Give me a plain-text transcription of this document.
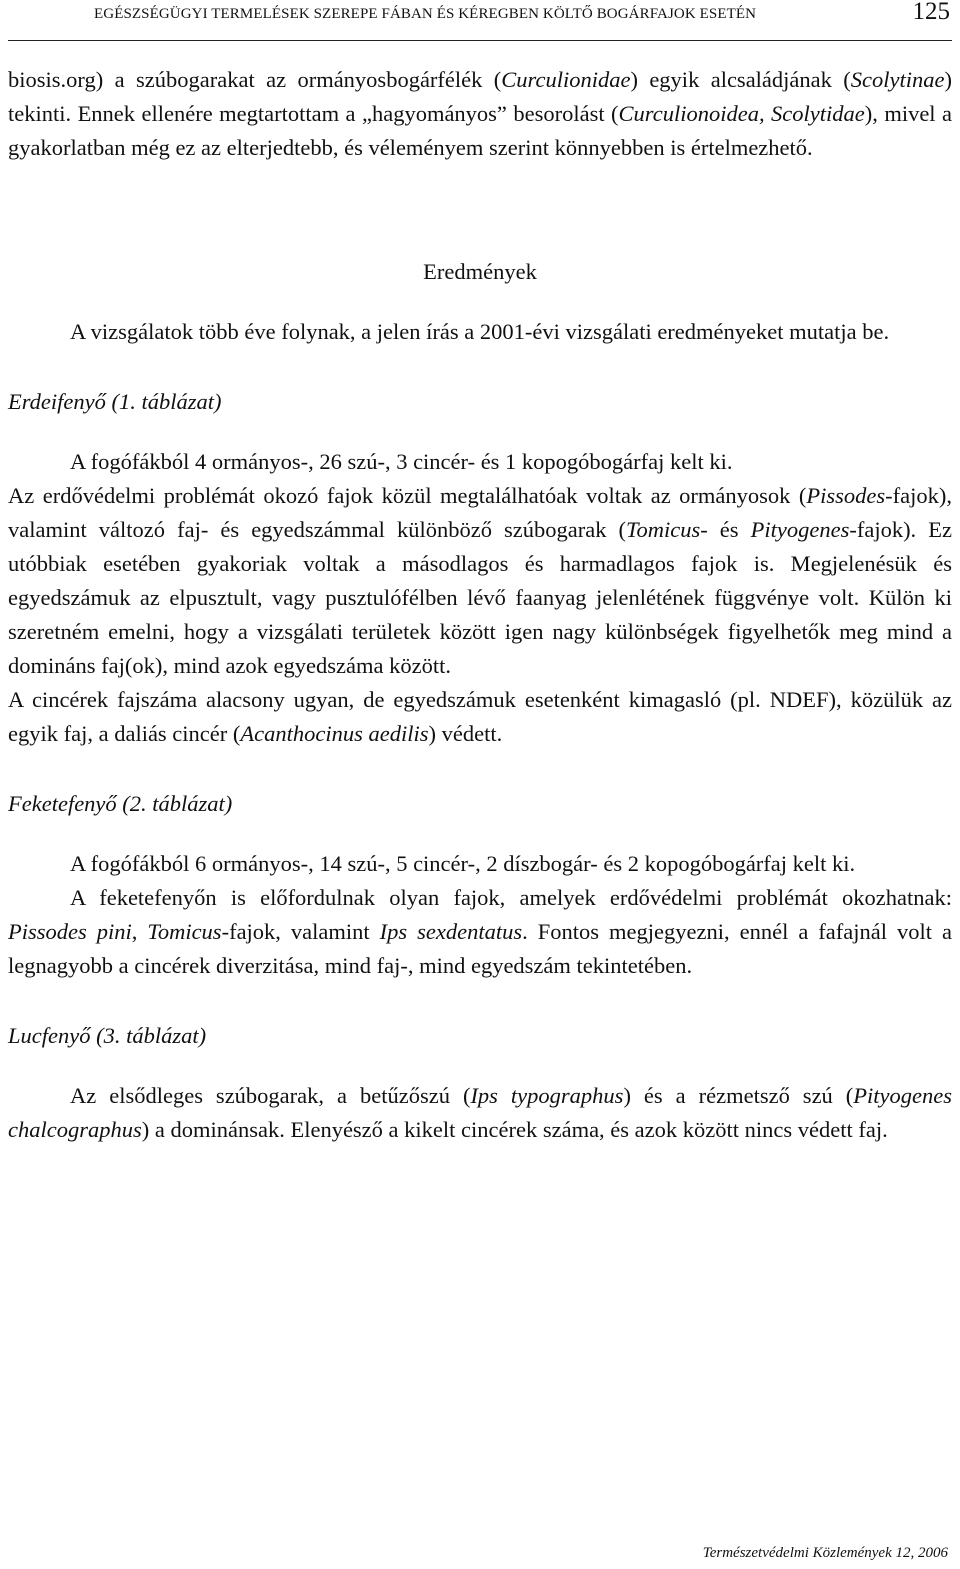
EGÉSZSÉGÜGYI TERMELÉSEK SZEREPE FÁBAN ÉS KÉREGBEN KÖLTŐ BOGÁRFAJOK ESETÉN	125

biosis.org) a szúbogarakat az ormányosbogárfélék (Curculionidae) egyik alcsaládjának (Scolytinae) tekinti. Ennek ellenére megtartottam a „hagyományos” besorolást (Curculionoidea, Scolytidae), mivel a gyakorlatban még ez az elterjedtebb, és véleményem szerint könnyebben is értelmezhető.

Eredmények

A vizsgálatok több éve folynak, a jelen írás a 2001-évi vizsgálati eredményeket mutatja be.

Erdeifenyő (1. táblázat)

A fogófákból 4 ormányos-, 26 szú-, 3 cincér- és 1 kopogóbogárfaj kelt ki.

Az erdővédelmi problémát okozó fajok közül megtalálhatóak voltak az ormányosok (Pissodes-fajok), valamint változó faj- és egyedszámmal különböző szúbogarak (Tomicus- és Pityogenes-fajok). Ez utóbbiak esetében gyakoriak voltak a másodlagos és harmadlagos fajok is. Megjelenésük és egyedszámuk az elpusztult, vagy pusztulófélben lévő faanyag jelenlétének függvénye volt. Külön ki szeretném emelni, hogy a vizsgálati területek között igen nagy különbségek figyelhetők meg mind a domináns faj(ok), mind azok egyedszáma között.

A cincérek fajszáma alacsony ugyan, de egyedszámuk esetenként kimagasló (pl. NDEF), közülük az egyik faj, a daliás cincér (Acanthocinus aedilis) védett.

Feketefenyő (2. táblázat)

A fogófákból 6 ormányos-, 14 szú-, 5 cincér-, 2 díszbogár- és 2 kopogóbogárfaj kelt ki.

A feketefenyőn is előfordulnak olyan fajok, amelyek erdővédelmi problémát okozhatnak: Pissodes pini, Tomicus-fajok, valamint Ips sexdentatus. Fontos megjegyezni, ennél a fafajnál volt a legnagyobb a cincérek diverzitása, mind faj-, mind egyedszám tekintetében.

Lucfenyő (3. táblázat)

Az elsődleges szúbogarak, a betűzőszú (Ips typographus) és a rézmetsző szú (Pityogenes chalcographus) a dominánsak. Elenyésző a kikelt cincérek száma, és azok között nincs védett faj.

Természetvédelmi Közlemények 12, 2006
